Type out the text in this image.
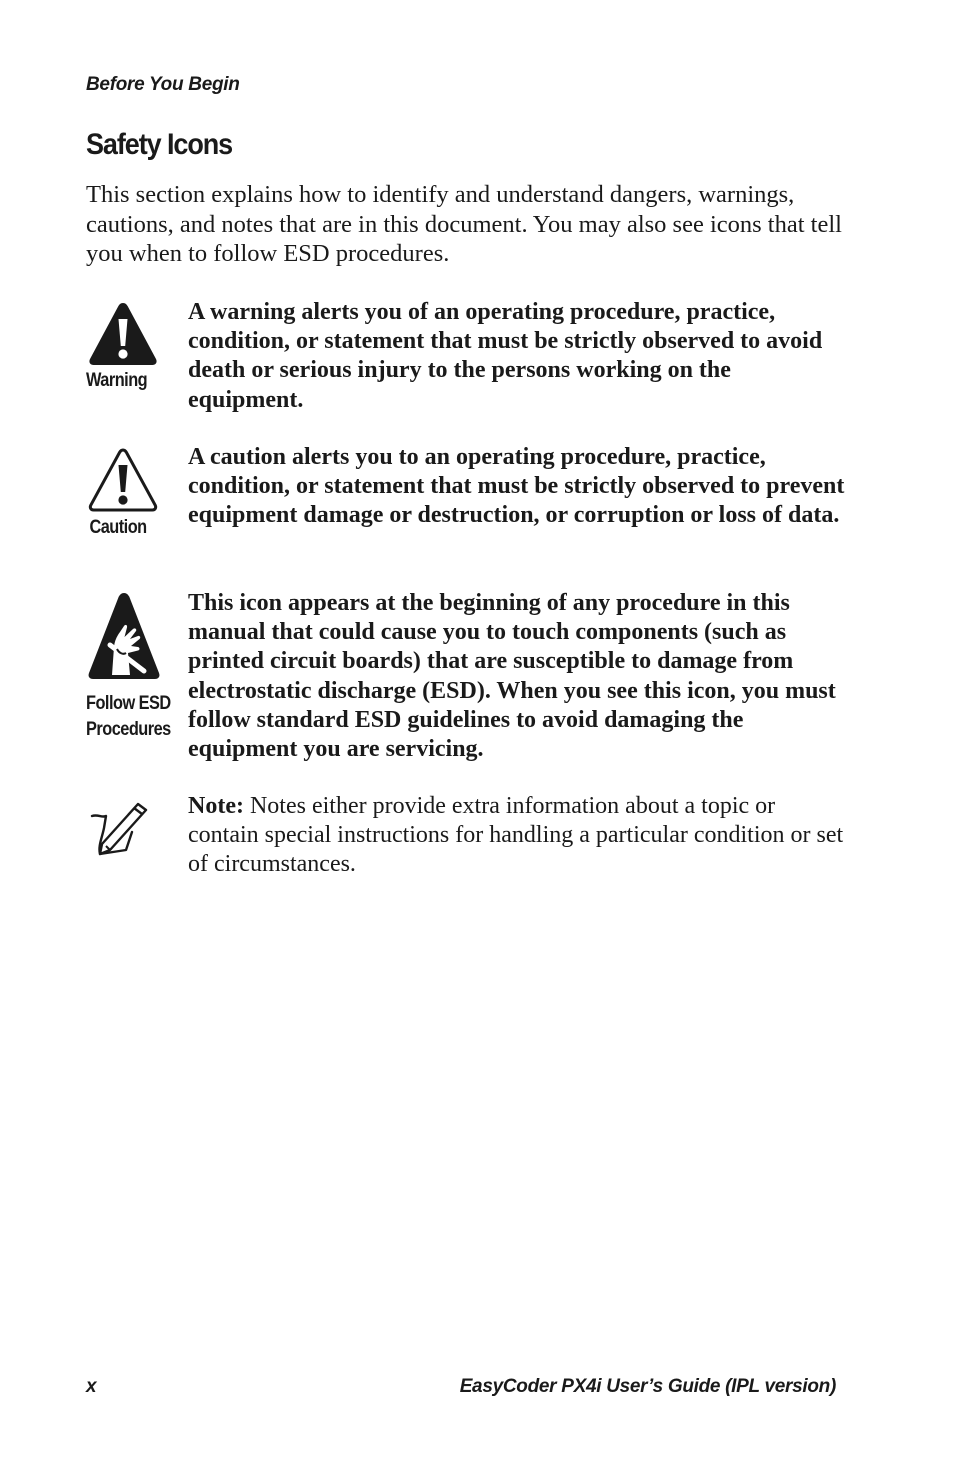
Before You Begin
Safety Icons

This section explains how to identify and understand dangers, warnings, cautions, and notes that are in this document. You may also see icons that tell you when to follow ESD procedures.

Warning

A warning alerts you of an operating procedure, practice, condition, or statement that must be strictly observed to avoid death or serious injury to the persons working on the equipment.

Caution

A caution alerts you to an operating procedure, practice, condition, or statement that must be strictly observed to prevent equipment damage or destruction, or corruption or loss of data.

Follow ESD
Procedures

This icon appears at the beginning of any procedure in this manual that could cause you to touch components (such as printed circuit boards) that are susceptible to damage from electrostatic discharge (ESD). When you see this icon, you must follow standard ESD guidelines to avoid damaging the equipment you are servicing.

Note: Notes either provide extra information about a topic or contain special instructions for handling a particular condition or set of circumstances.

x	EasyCoder PX4i User’s Guide (IPL version)
